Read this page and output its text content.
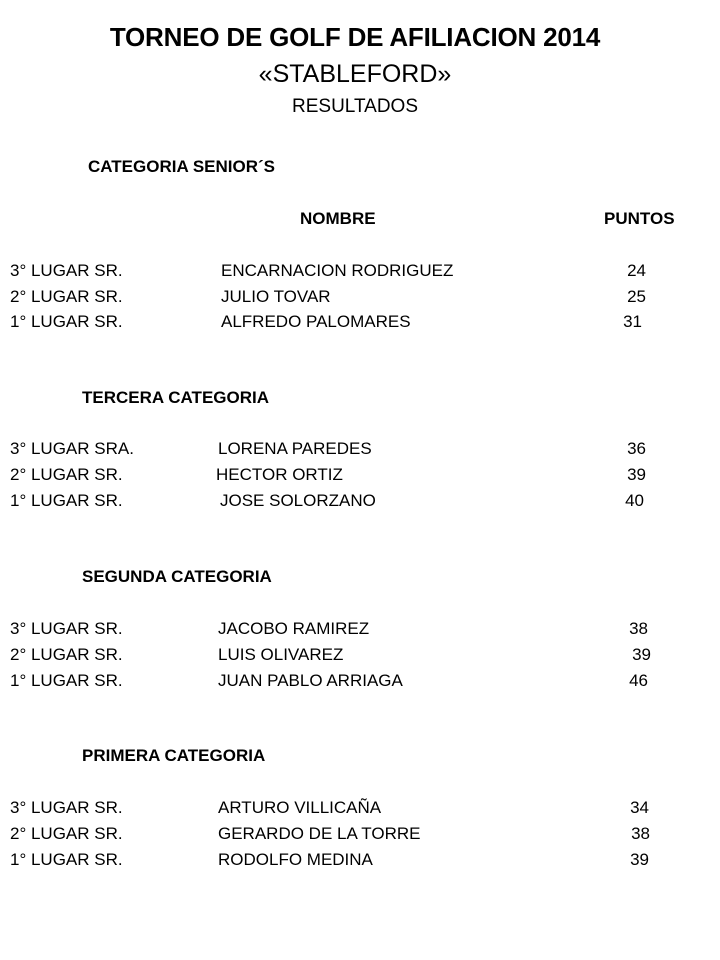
TORNEO DE GOLF DE AFILIACION 2014
«STABLEFORD»
RESULTADOS
CATEGORIA SENIOR´S
NOMBRE	PUNTOS
3° LUGAR SR.	ENCARNACION RODRIGUEZ	24
2° LUGAR SR.	JULIO TOVAR	25
1° LUGAR SR.	ALFREDO PALOMARES	31
TERCERA CATEGORIA
3° LUGAR SRA.	LORENA PAREDES	36
2° LUGAR SR.	HECTOR ORTIZ	39
1° LUGAR SR.	JOSE SOLORZANO	40
SEGUNDA CATEGORIA
3° LUGAR SR.	JACOBO RAMIREZ	38
2° LUGAR SR.	LUIS OLIVAREZ	39
1° LUGAR SR.	JUAN PABLO ARRIAGA	46
PRIMERA CATEGORIA
3° LUGAR SR.	ARTURO VILLICAÑA	34
2° LUGAR SR.	GERARDO DE LA TORRE	38
1° LUGAR SR.	RODOLFO MEDINA	39
